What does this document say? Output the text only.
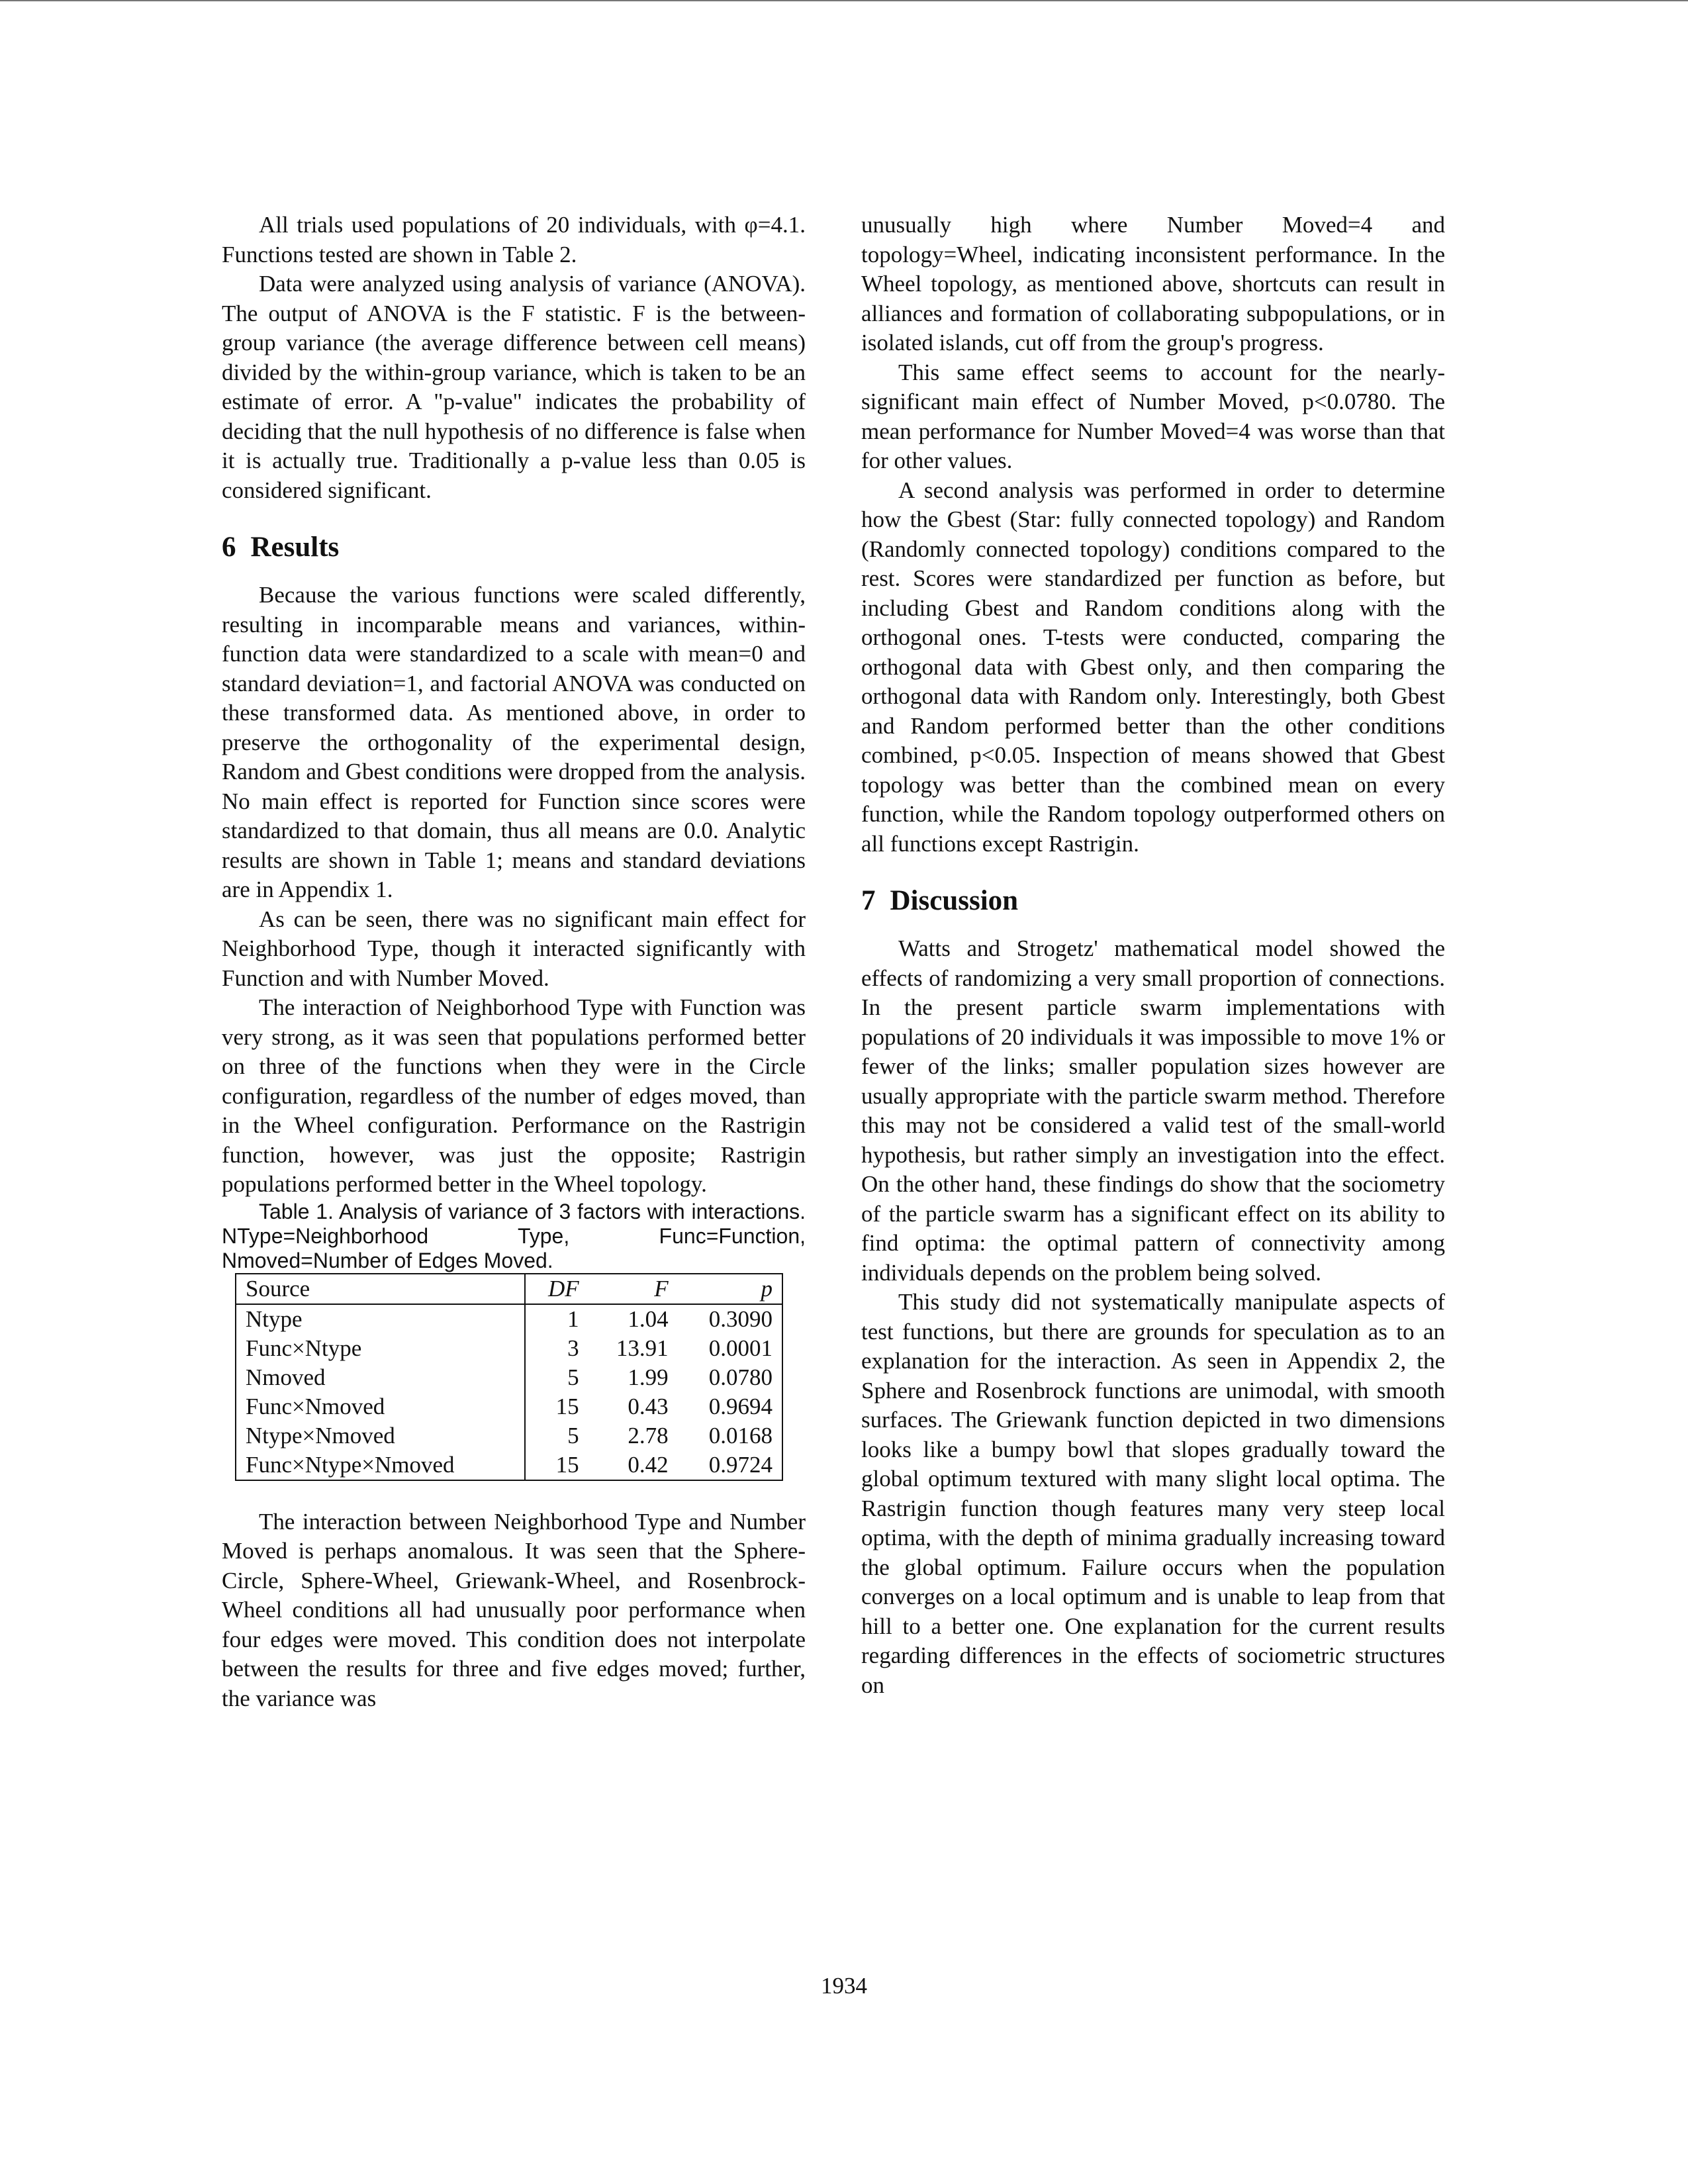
All trials used populations of 20 individuals, with φ=4.1. Functions tested are shown in Table 2.

Data were analyzed using analysis of variance (ANOVA). The output of ANOVA is the F statistic. F is the between-group variance (the average difference between cell means) divided by the within-group variance, which is taken to be an estimate of error. A "p-value" indicates the probability of deciding that the null hypothesis of no difference is false when it is actually true. Traditionally a p-value less than 0.05 is considered significant.

6 Results

Because the various functions were scaled differently, resulting in incomparable means and variances, within-function data were standardized to a scale with mean=0 and standard deviation=1, and factorial ANOVA was conducted on these transformed data. As mentioned above, in order to preserve the orthogonality of the experimental design, Random and Gbest conditions were dropped from the analysis. No main effect is reported for Function since scores were standardized to that domain, thus all means are 0.0. Analytic results are shown in Table 1; means and standard deviations are in Appendix 1.

As can be seen, there was no significant main effect for Neighborhood Type, though it interacted significantly with Function and with Number Moved.

The interaction of Neighborhood Type with Function was very strong, as it was seen that populations performed better on three of the functions when they were in the Circle configuration, regardless of the number of edges moved, than in the Wheel configuration. Performance on the Rastrigin function, however, was just the opposite; Rastrigin populations performed better in the Wheel topology.

Table 1. Analysis of variance of 3 factors with interactions. NType=Neighborhood Type, Func=Function, Nmoved=Number of Edges Moved.

Source	DF	F	p
Ntype	1	1.04	0.3090
Func×Ntype	3	13.91	0.0001
Nmoved	5	1.99	0.0780
Func×Nmoved	15	0.43	0.9694
Ntype×Nmoved	5	2.78	0.0168
Func×Ntype×Nmoved	15	0.42	0.9724

The interaction between Neighborhood Type and Number Moved is perhaps anomalous. It was seen that the Sphere-Circle, Sphere-Wheel, Griewank-Wheel, and Rosenbrock-Wheel conditions all had unusually poor performance when four edges were moved. This condition does not interpolate between the results for three and five edges moved; further, the variance was

unusually high where Number Moved=4 and topology=Wheel, indicating inconsistent performance. In the Wheel topology, as mentioned above, shortcuts can result in alliances and formation of collaborating subpopulations, or in isolated islands, cut off from the group's progress.

This same effect seems to account for the nearly-significant main effect of Number Moved, p<0.0780. The mean performance for Number Moved=4 was worse than that for other values.

A second analysis was performed in order to determine how the Gbest (Star: fully connected topology) and Random (Randomly connected topology) conditions compared to the rest. Scores were standardized per function as before, but including Gbest and Random conditions along with the orthogonal ones. T-tests were conducted, comparing the orthogonal data with Gbest only, and then comparing the orthogonal data with Random only. Interestingly, both Gbest and Random performed better than the other conditions combined, p<0.05. Inspection of means showed that Gbest topology was better than the combined mean on every function, while the Random topology outperformed others on all functions except Rastrigin.

7 Discussion

Watts and Strogetz' mathematical model showed the effects of randomizing a very small proportion of connections. In the present particle swarm implementations with populations of 20 individuals it was impossible to move 1% or fewer of the links; smaller population sizes however are usually appropriate with the particle swarm method. Therefore this may not be considered a valid test of the small-world hypothesis, but rather simply an investigation into the effect. On the other hand, these findings do show that the sociometry of the particle swarm has a significant effect on its ability to find optima: the optimal pattern of connectivity among individuals depends on the problem being solved.

This study did not systematically manipulate aspects of test functions, but there are grounds for speculation as to an explanation for the interaction. As seen in Appendix 2, the Sphere and Rosenbrock functions are unimodal, with smooth surfaces. The Griewank function depicted in two dimensions looks like a bumpy bowl that slopes gradually toward the global optimum textured with many slight local optima. The Rastrigin function though features many very steep local optima, with the depth of minima gradually increasing toward the global optimum. Failure occurs when the population converges on a local optimum and is unable to leap from that hill to a better one. One explanation for the current results regarding differences in the effects of sociometric structures on

1934
